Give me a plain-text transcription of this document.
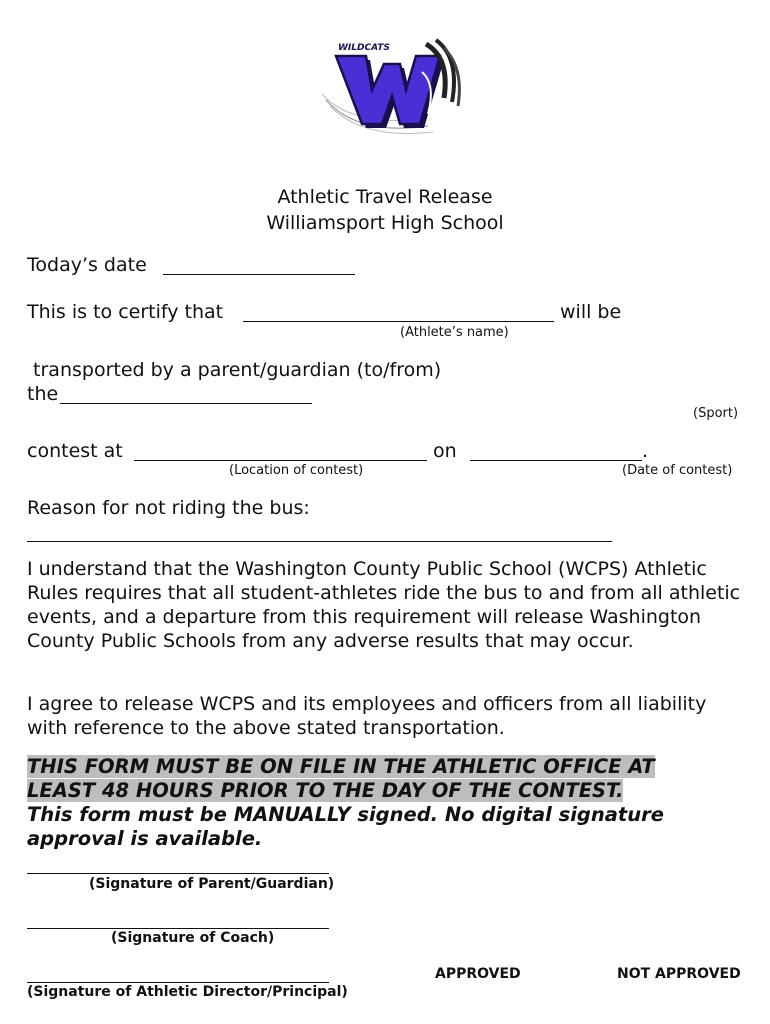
WILDCATS
Athletic Travel Release
Williamsport High School
Today’s date
This is to certify that	will be
(Athlete’s name)
transported by a parent/guardian (to/from)
the
(Sport)
contest at	on	.
(Location of contest)	(Date of contest)
Reason for not riding the bus:
I understand that the Washington County Public School (WCPS) Athletic Rules requires that all student-athletes ride the bus to and from all athletic events, and a departure from this requirement will release Washington County Public Schools from any adverse results that may occur.
I agree to release WCPS and its employees and officers from all liability with reference to the above stated transportation.
THIS FORM MUST BE ON FILE IN THE ATHLETIC OFFICE AT
LEAST 48 HOURS PRIOR TO THE DAY OF THE CONTEST.
This form must be MANUALLY signed. No digital signature
approval is available.
(Signature of Parent/Guardian)
(Signature of Coach)
APPROVED	NOT APPROVED
(Signature of Athletic Director/Principal)
